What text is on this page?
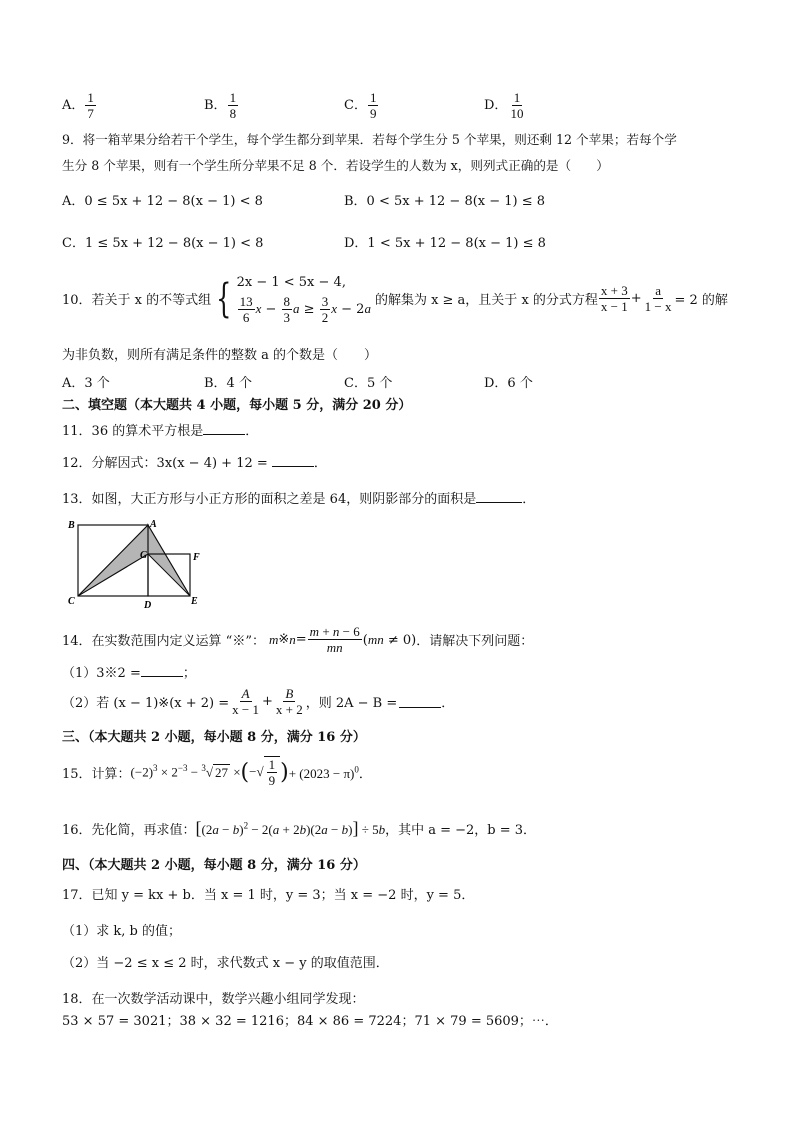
A． $\frac{1}{7}$	B． $\frac{1}{8}$	C． $\frac{1}{9}$	D． $\frac{1}{10}$
9．将一箱苹果分给若干个学生，每个学生都分到苹果．若每个学生分 5 个苹果，则还剩 12 个苹果；若每个学
生分 8 个苹果，则有一个学生所分苹果不足 8 个．若设学生的人数为 x，则列式正确的是（　　）
A．0 ≤ 5x + 12 − 8(x − 1) < 8	B．0 < 5x + 12 − 8(x − 1) ≤ 8
C．1 ≤ 5x + 12 − 8(x − 1) < 8	D．1 < 5x + 12 − 8(x − 1) ≤ 8
10．若关于 x 的不等式组 { 2x − 1 < 5x − 4,
$\frac{13}{6}$ $x - \frac{8}{3}$ $a \ge \frac{3}{2}$ x − 2a
的解集为 x ≥ a，且关于 x 的分式方程 $\frac{x + 3}{x - 1} + \frac{a}{1 - x} = 2$ 的解
为非负数，则所有满足条件的整数 a 的个数是（　　）
A．3 个	B．4 个	C．5 个	D．6 个
二、填空题（本大题共 4 小题，每小题 5 分，满分 20 分）
11．36 的算术平方根是	．
12．分解因式：3x(x − 4) + 12 =	．
13．如图，大正方形与小正方形的面积之差是 64，则阴影部分的面积是	．
B	A
G	F
C	D	E
14．在实数范围内定义运算 “※”： m ※ $n = \frac{m + n - 6}{mn} (mn \ne 0)$ ．请解决下列问题：
（1）3※2 =	；
（2）若 (x − 1)※(x + $2) = \frac{A}{x - 1} + \frac{B}{x + 2}$ ，则 2A − B =	．
三、（本大题共 2 小题，每小题 8 分，满分 16 分）
15．计算： $(-2)^3 \times 2^{-3} - ^3√$ 27 × ( −√ $\frac{1}{9}$ ) + $(2023 - \pi)^0$．
16．先化简，再求值： $[(2a - b)^2 - 2(a + 2b)(2a - b)] \div 5b$ ，其中 a = −2，b = 3．
四、（本大题共 2 小题，每小题 8 分，满分 16 分）
17．已知 y = kx + b．当 x = 1 时，y = 3；当 x = −2 时，y = 5．
（1）求 k, b 的值；
（2）当 −2 ≤ x ≤ 2 时，求代数式 x − y 的取值范围．
18．在一次数学活动课中，数学兴趣小组同学发现：
53 × 57 = 3021；38 × 32 = 1216；84 × 86 = 7224；71 × 79 = 5609；⋯．
